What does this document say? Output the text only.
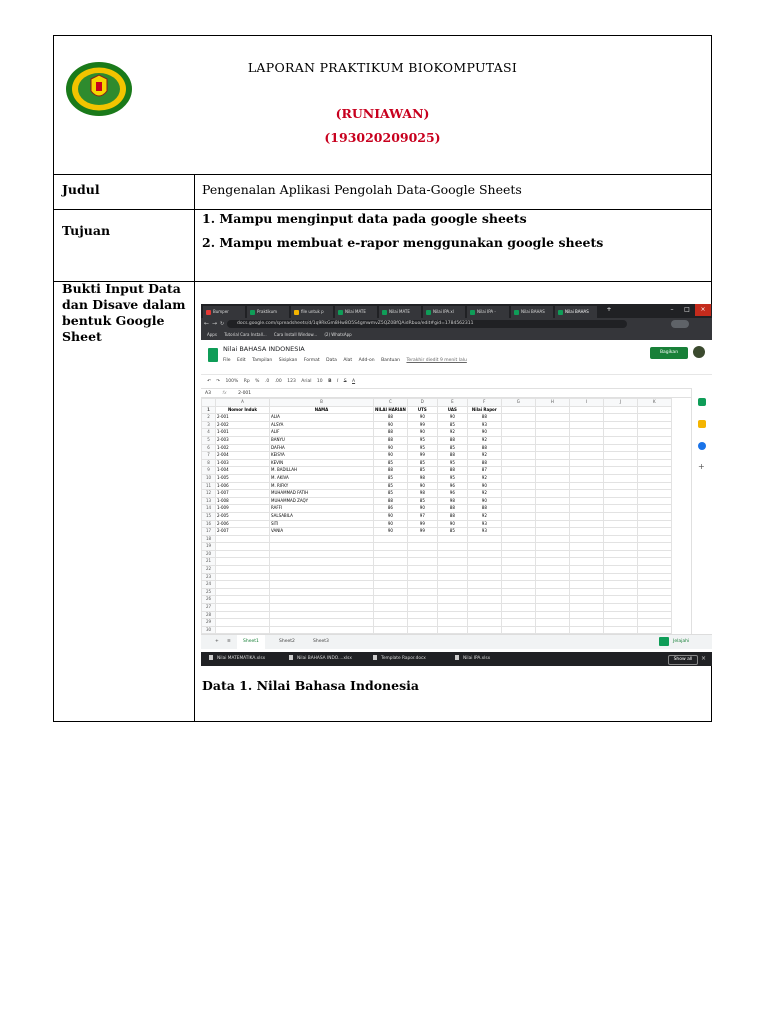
LAPORAN PRAKTIKUM BIOKOMPUTASI
(RUNIAWAN)
(193020209025)
Judul	Pengenalan Aplikasi Pengolah Data-Google Sheets
Tujuan
1. Mampu menginput data pada google sheets
2. Mampu membuat e-rapor menggunakan google sheets
Bukti Input Data
dan Disave dalam
bentuk Google
Sheet
Bumper	Praktikum	file untuk p	Nilai MATE	Nilai MATE	Nilai IPA.xl	Nilai IPA -	Nilai BAHAS	Nilai BAHAS	+	–	□	×
← → ↻	docs.google.com/spreadsheets/d/1q9RkGm8Hw8O5S4gmwmvZ5QZ0BfQAidRbuo/edit#gid=1784562311
Apps Tutorial Cara Install... Cara Install Window... (2) WhatsApp
Nilai BAHASA INDONESIA
File Edit Tampilan Sisipkan Format Data Alat Add-on Bantuan Terakhir diedit 9 menit lalu
Bagikan
↶ ↷ 100% Rp % .0 .00 123 Arial 10 B I S A
A3	fx	2-001
	A	B	C	D	E	F	G	H	I	J	K
1	Nomor Induk	NAMA	NILAI HARIAN	UTS	UAS	Nilai Rapor					
2	2-001	ALIA	88	90	90	88					
3	2-002	ALSYA	90	99	85	93					
4	1-001	ALIF	88	90	92	90					
5	2-003	BANYU	88	95	88	92					
6	1-002	DAFHA	90	95	85	88					
7	2-004	KEISYA	90	99	88	92					
8	1-003	KEVIN	85	85	95	88					
9	1-004	M. BADILLAH	88	85	88	87					
10	1-005	M. AKIVA	85	98	95	92					
11	1-006	M. RIFKY	85	90	96	90					
12	1-007	MUHAMMAD FATIH	85	98	96	92					
13	1-008	MUHAMMAD ZAQY	88	85	98	90					
14	1-009	RAFFI	86	90	88	88					
15	2-005	SALSABILA	90	97	88	92					
16	2-006	SITI	90	99	90	93					
17	2-007	VANIA	90	99	85	93					
18											
19											
20											
21											
22											
23											
24											
25											
26											
27											
28											
29											
30											
+
+	≡	Sheet1	Sheet2	Sheet3	Jelajahi
Nilai MATEMATIKA.xlsx	Nilai BAHASA INDO....xlsx	Template Rapor.docx	Nilai IPA.xlsx	Show all	×
Data 1. Nilai Bahasa Indonesia
